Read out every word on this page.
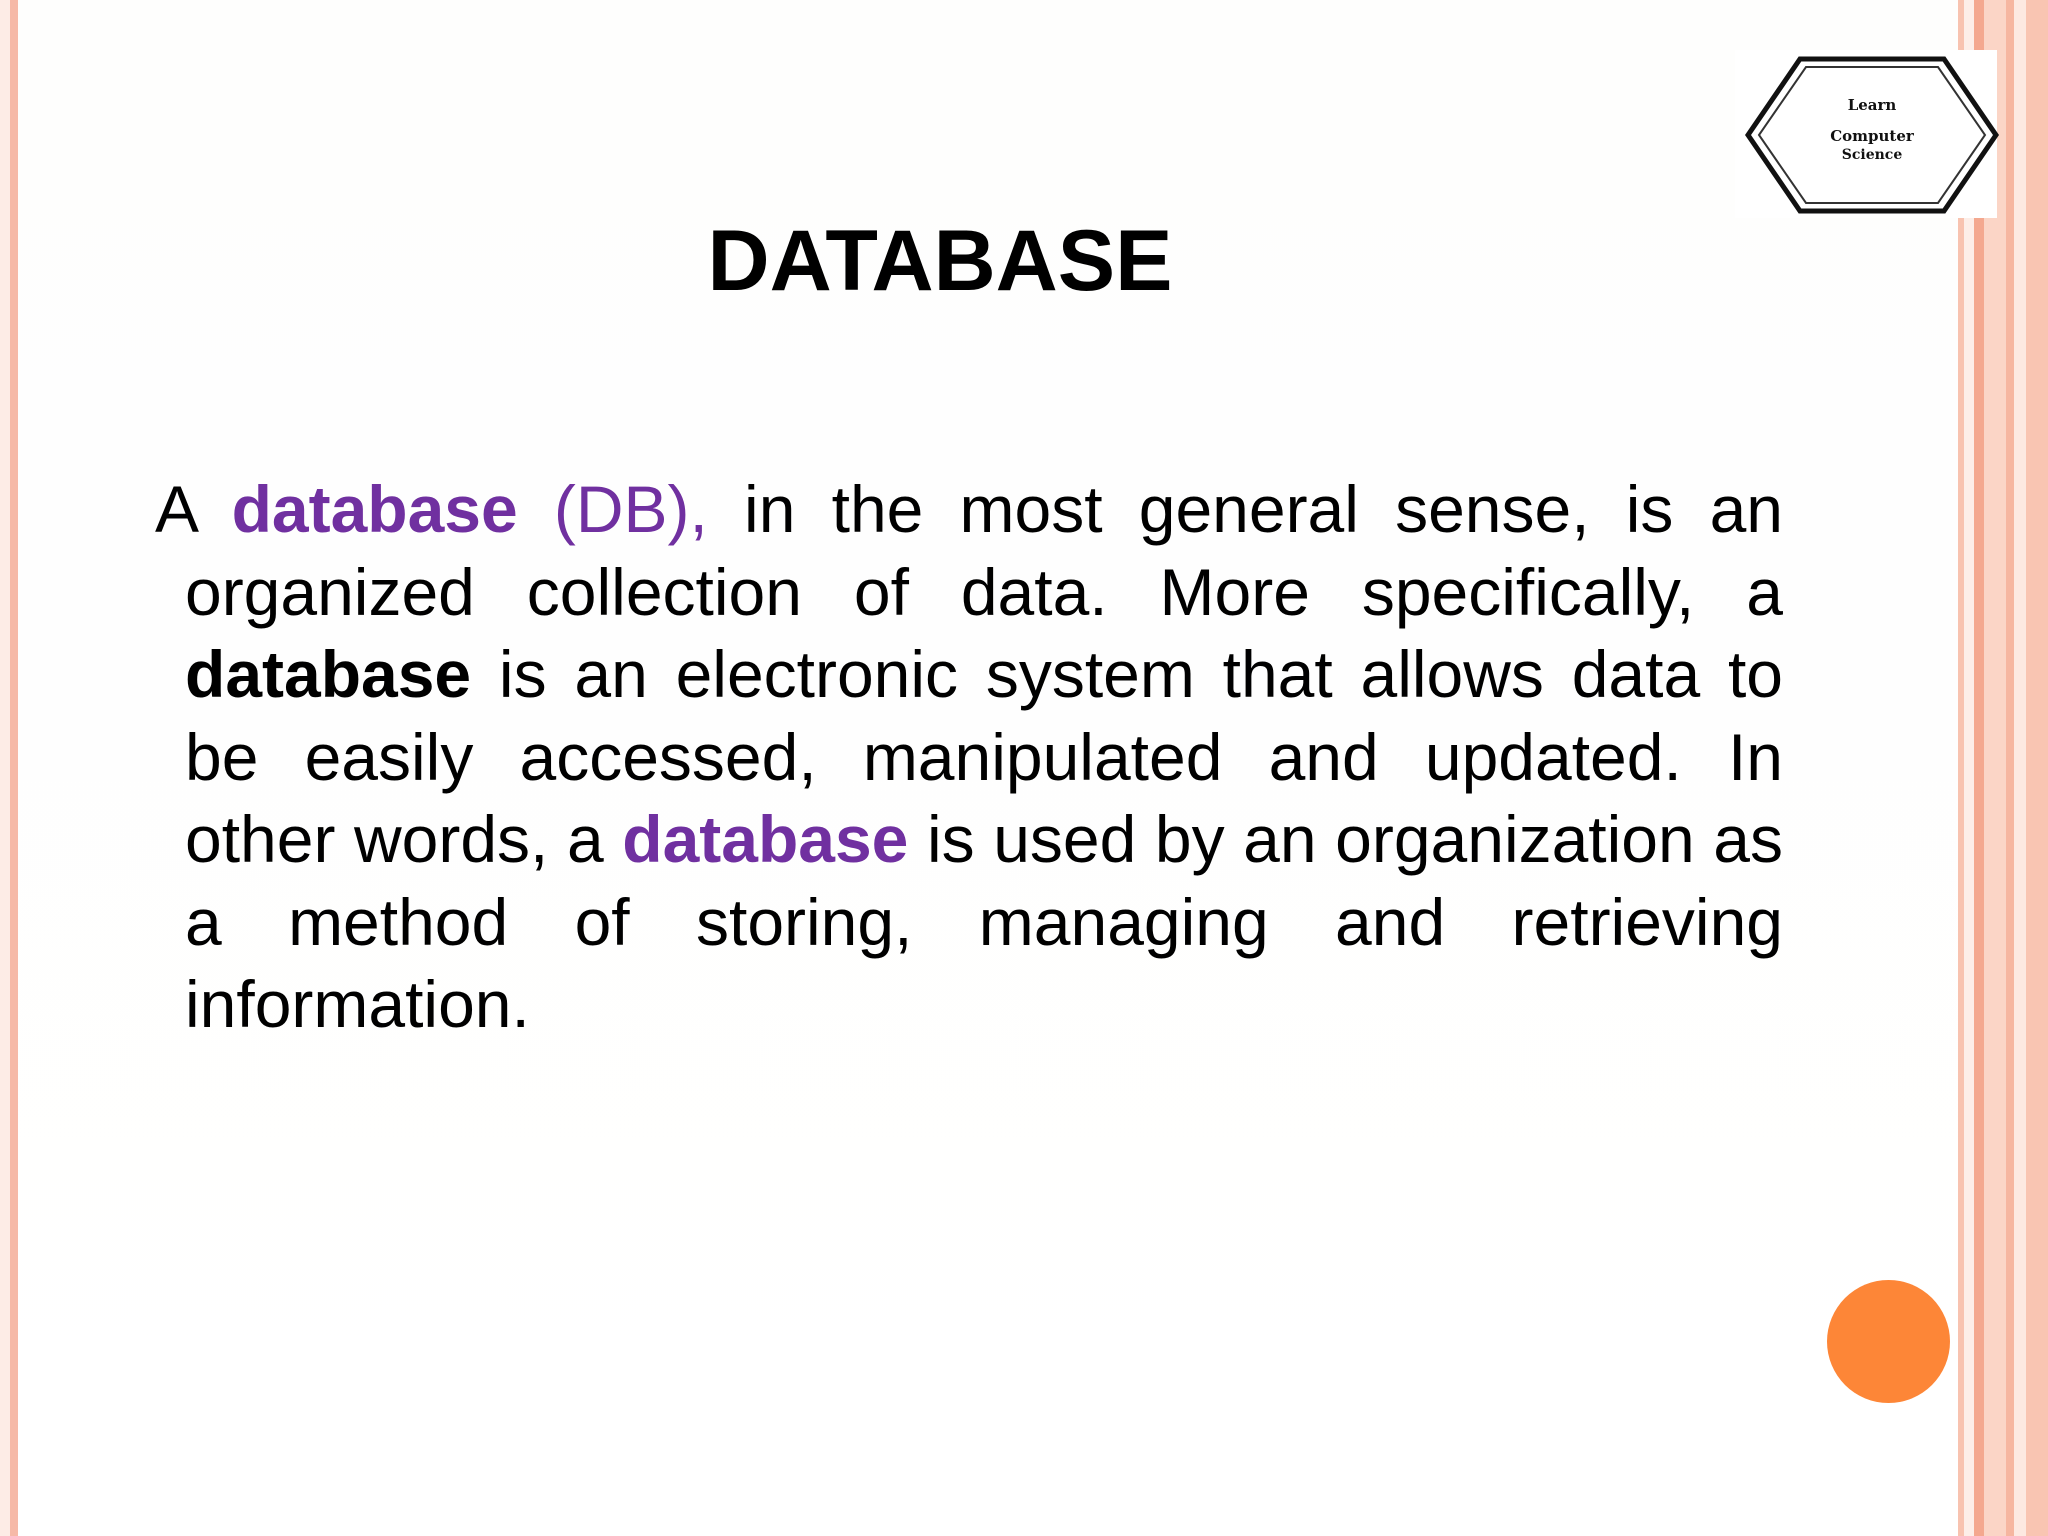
Learn
Computer
Science
DATABASE
A database (DB), in the most general sense, is an organized collection of data. More specifically, a database is an electronic system that allows data to be easily accessed, manipulated and updated. In other words, a database is used by an organization as a method of storing, managing and retrieving information.
